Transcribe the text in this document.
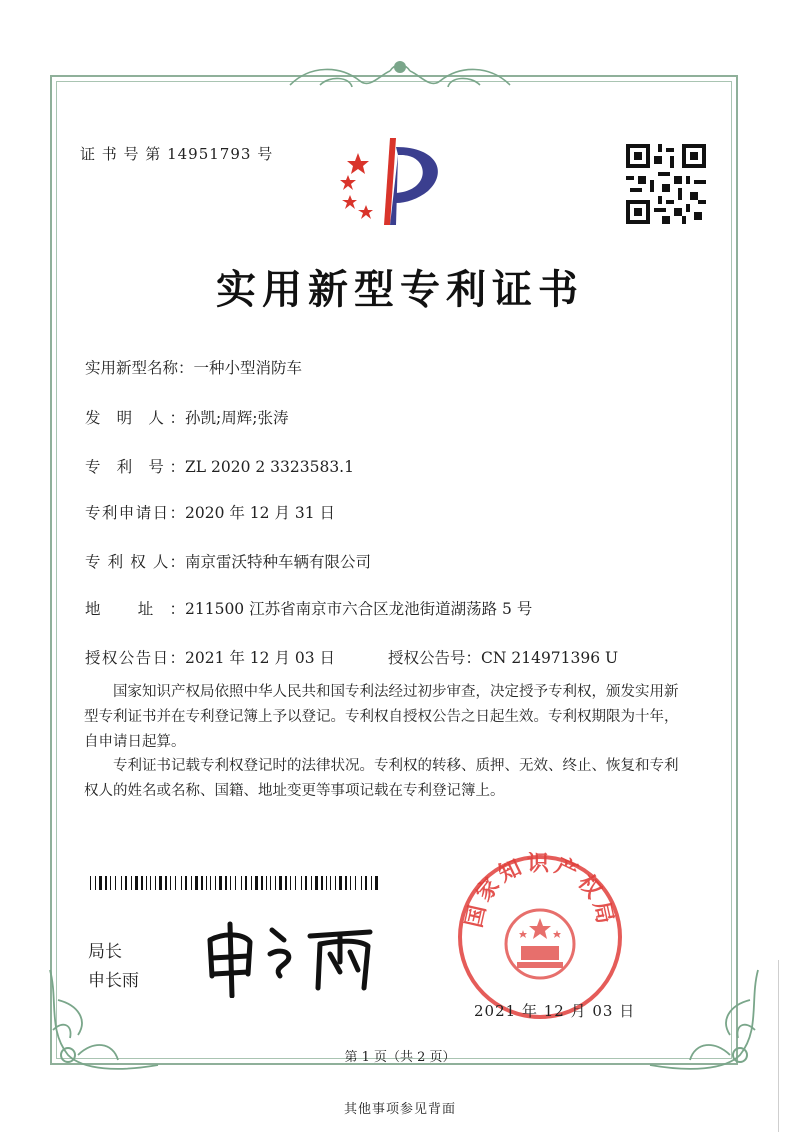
证 书 号 第 14951793 号
实用新型专利证书
实用新型名称：一种小型消防车
发 明 人：孙凯;周辉;张涛
专 利 号：ZL 2020 2 3323583.1
专利申请日：2020 年 12 月 31 日
专 利 权 人：南京雷沃特种车辆有限公司
地 址：211500 江苏省南京市六合区龙池街道湖荡路 5 号
授权公告日：2021 年 12 月 03 日	授权公告号：CN 214971396 U
国家知识产权局依照中华人民共和国专利法经过初步审查，决定授予专利权，颁发实用新型专利证书并在专利登记簿上予以登记。专利权自授权公告之日起生效。专利权期限为十年，自申请日起算。
专利证书记载专利权登记时的法律状况。专利权的转移、质押、无效、终止、恢复和专利权人的姓名或名称、国籍、地址变更等事项记载在专利登记簿上。
局长
申长雨
国家知识产权局
2021 年 12 月 03 日
第 1 页（共 2 页）
其他事项参见背面
